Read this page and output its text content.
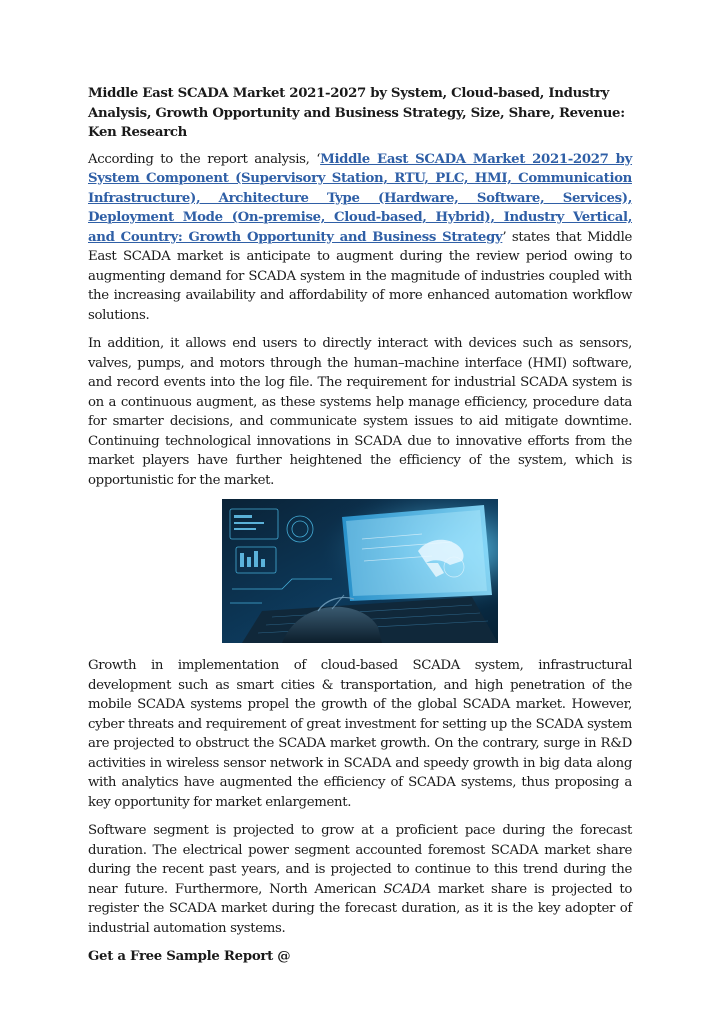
Middle East SCADA Market 2021-2027 by System, Cloud-based, Industry Analysis, Growth Opportunity and Business Strategy, Size, Share, Revenue: Ken Research

According to the report analysis, ‘Middle East SCADA Market 2021-2027 by System Component (Supervisory Station, RTU, PLC, HMI, Communication Infrastructure), Architecture Type (Hardware, Software, Services), Deployment Mode (On-premise, Cloud-based, Hybrid), Industry Vertical, and Country: Growth Opportunity and Business Strategy’ states that Middle East SCADA market is anticipate to augment during the review period owing to augmenting demand for SCADA system in the magnitude of industries coupled with the increasing availability and affordability of more enhanced automation workflow solutions.

In addition, it allows end users to directly interact with devices such as sensors, valves, pumps, and motors through the human–machine interface (HMI) software, and record events into the log file. The requirement for industrial SCADA system is on a continuous augment, as these systems help manage efficiency, procedure data for smarter decisions, and communicate system issues to aid mitigate downtime. Continuing technological innovations in SCADA due to innovative efforts from the market players have further heightened the efficiency of the system, which is opportunistic for the market.

Growth in implementation of cloud-based SCADA system, infrastructural development such as smart cities & transportation, and high penetration of the mobile SCADA systems propel the growth of the global SCADA market. However, cyber threats and requirement of great investment for setting up the SCADA system are projected to obstruct the SCADA market growth. On the contrary, surge in R&D activities in wireless sensor network in SCADA and speedy growth in big data along with analytics have augmented the efficiency of SCADA systems, thus proposing a key opportunity for market enlargement.

Software segment is projected to grow at a proficient pace during the forecast duration. The electrical power segment accounted foremost SCADA market share during the recent past years, and is projected to continue to this trend during the near future. Furthermore, North American SCADA market share is projected to register the SCADA market during the forecast duration, as it is the key adopter of industrial automation systems.

Get a Free Sample Report @
